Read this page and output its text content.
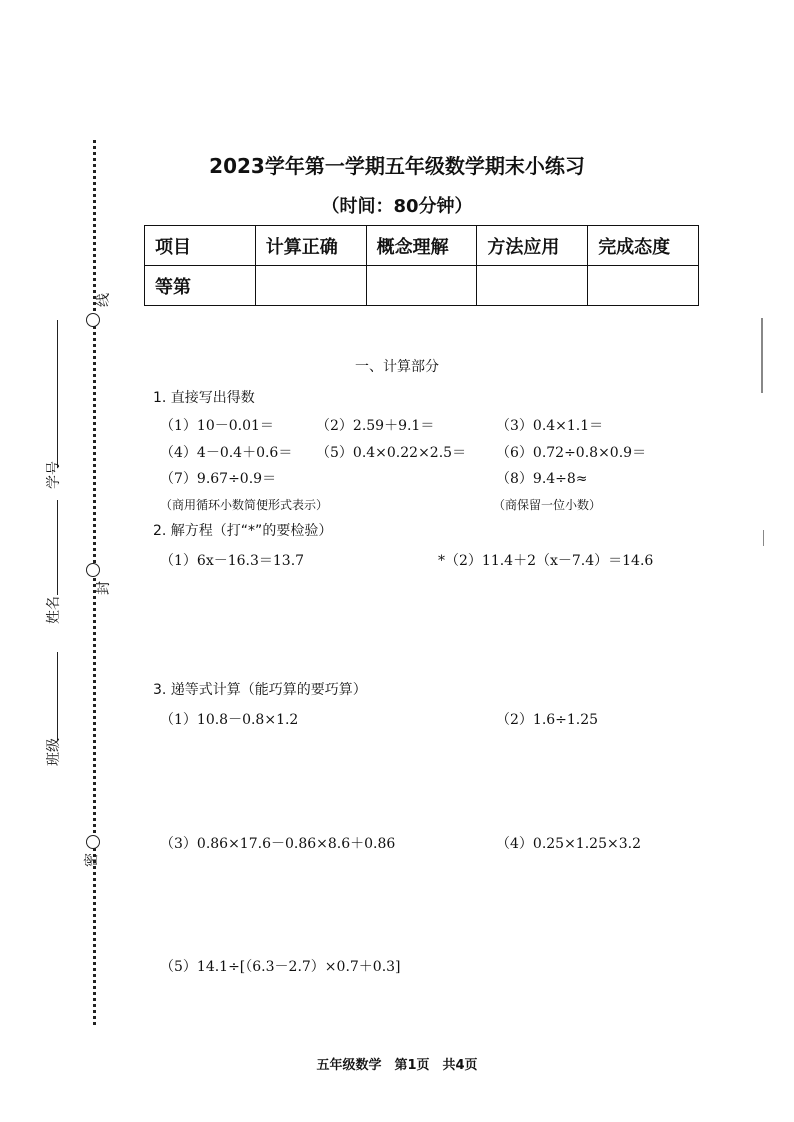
2023学年第一学期五年级数学期末小练习
（时间：80分钟）
项目	计算正确	概念理解	方法应用	完成态度
等第				
线
封
密
学号
姓名
班级
一、计算部分
1. 直接写出得数
（1）10－0.01＝	（2）2.59＋9.1＝	（3）0.4×1.1＝
（4）4－0.4＋0.6＝ （5）0.4×0.22×2.5＝ （6）0.72÷0.8×0.9＝
（7）9.67÷0.9＝	（8）9.4÷8≈
（商用循环小数简便形式表示）	（商保留一位小数）
2. 解方程（打“*”的要检验）
（1）6x－16.3＝13.7	*（2）11.4＋2（x－7.4）＝14.6
3. 递等式计算（能巧算的要巧算）
（1）10.8－0.8×1.2	（2）1.6÷1.25
（3）0.86×17.6－0.86×8.6＋0.86	（4）0.25×1.25×3.2
（5）14.1÷[（6.3－2.7）×0.7＋0.3]
五年级数学　第1页　共4页
